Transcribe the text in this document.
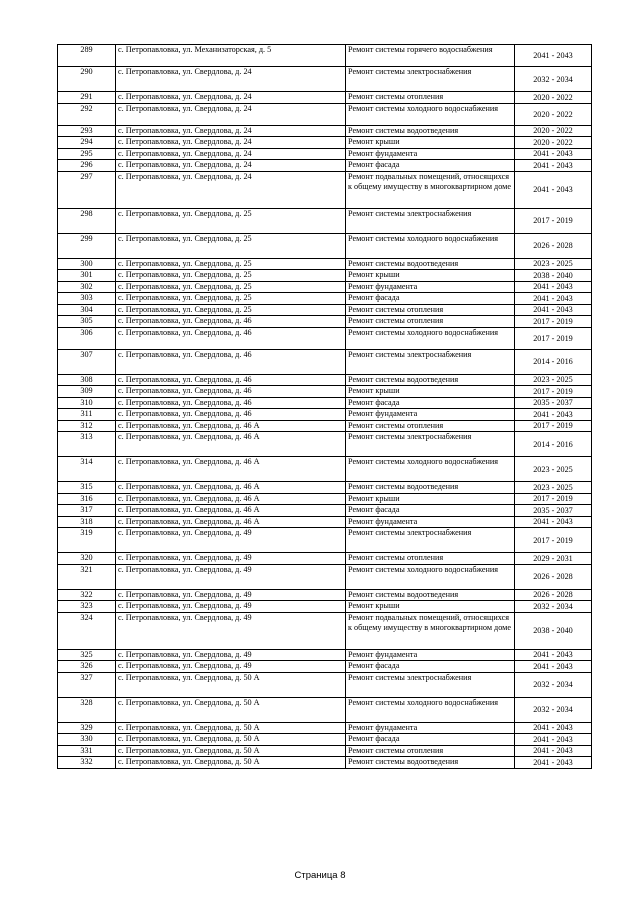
289	с. Петропавловка, ул. Механизаторская, д. 5	Ремонт системы горячего водоснабжения	2041 - 2043
290	с. Петропавловка, ул. Свердлова, д. 24	Ремонт системы электроснабжения	2032 - 2034
291	с. Петропавловка, ул. Свердлова, д. 24	Ремонт системы отопления	2020 - 2022
292	с. Петропавловка, ул. Свердлова, д. 24	Ремонт системы холодного водоснабжения	2020 - 2022
293	с. Петропавловка, ул. Свердлова, д. 24	Ремонт системы водоотведения	2020 - 2022
294	с. Петропавловка, ул. Свердлова, д. 24	Ремонт крыши	2020 - 2022
295	с. Петропавловка, ул. Свердлова, д. 24	Ремонт фундамента	2041 - 2043
296	с. Петропавловка, ул. Свердлова, д. 24	Ремонт фасада	2041 - 2043
297	с. Петропавловка, ул. Свердлова, д. 24	Ремонт подвальных помещений, относящихся к общему имуществу в многоквартирном доме	2041 - 2043
298	с. Петропавловка, ул. Свердлова, д. 25	Ремонт системы электроснабжения	2017 - 2019
299	с. Петропавловка, ул. Свердлова, д. 25	Ремонт системы холодного водоснабжения	2026 - 2028
300	с. Петропавловка, ул. Свердлова, д. 25	Ремонт системы водоотведения	2023 - 2025
301	с. Петропавловка, ул. Свердлова, д. 25	Ремонт крыши	2038 - 2040
302	с. Петропавловка, ул. Свердлова, д. 25	Ремонт фундамента	2041 - 2043
303	с. Петропавловка, ул. Свердлова, д. 25	Ремонт фасада	2041 - 2043
304	с. Петропавловка, ул. Свердлова, д. 25	Ремонт системы отопления	2041 - 2043
305	с. Петропавловка, ул. Свердлова, д. 46	Ремонт системы отопления	2017 - 2019
306	с. Петропавловка, ул. Свердлова, д. 46	Ремонт системы холодного водоснабжения	2017 - 2019
307	с. Петропавловка, ул. Свердлова, д. 46	Ремонт системы электроснабжения	2014 - 2016
308	с. Петропавловка, ул. Свердлова, д. 46	Ремонт системы водоотведения	2023 - 2025
309	с. Петропавловка, ул. Свердлова, д. 46	Ремонт крыши	2017 - 2019
310	с. Петропавловка, ул. Свердлова, д. 46	Ремонт фасада	2035 - 2037
311	с. Петропавловка, ул. Свердлова, д. 46	Ремонт фундамента	2041 - 2043
312	с. Петропавловка, ул. Свердлова, д. 46 А	Ремонт системы отопления	2017 - 2019
313	с. Петропавловка, ул. Свердлова, д. 46 А	Ремонт системы электроснабжения	2014 - 2016
314	с. Петропавловка, ул. Свердлова, д. 46 А	Ремонт системы холодного водоснабжения	2023 - 2025
315	с. Петропавловка, ул. Свердлова, д. 46 А	Ремонт системы водоотведения	2023 - 2025
316	с. Петропавловка, ул. Свердлова, д. 46 А	Ремонт крыши	2017 - 2019
317	с. Петропавловка, ул. Свердлова, д. 46 А	Ремонт фасада	2035 - 2037
318	с. Петропавловка, ул. Свердлова, д. 46 А	Ремонт фундамента	2041 - 2043
319	с. Петропавловка, ул. Свердлова, д. 49	Ремонт системы электроснабжения	2017 - 2019
320	с. Петропавловка, ул. Свердлова, д. 49	Ремонт системы отопления	2029 - 2031
321	с. Петропавловка, ул. Свердлова, д. 49	Ремонт системы холодного водоснабжения	2026 - 2028
322	с. Петропавловка, ул. Свердлова, д. 49	Ремонт системы водоотведения	2026 - 2028
323	с. Петропавловка, ул. Свердлова, д. 49	Ремонт крыши	2032 - 2034
324	с. Петропавловка, ул. Свердлова, д. 49	Ремонт подвальных помещений, относящихся к общему имуществу в многоквартирном доме	2038 - 2040
325	с. Петропавловка, ул. Свердлова, д. 49	Ремонт фундамента	2041 - 2043
326	с. Петропавловка, ул. Свердлова, д. 49	Ремонт фасада	2041 - 2043
327	с. Петропавловка, ул. Свердлова, д. 50 А	Ремонт системы электроснабжения	2032 - 2034
328	с. Петропавловка, ул. Свердлова, д. 50 А	Ремонт системы холодного водоснабжения	2032 - 2034
329	с. Петропавловка, ул. Свердлова, д. 50 А	Ремонт фундамента	2041 - 2043
330	с. Петропавловка, ул. Свердлова, д. 50 А	Ремонт фасада	2041 - 2043
331	с. Петропавловка, ул. Свердлова, д. 50 А	Ремонт системы отопления	2041 - 2043
332	с. Петропавловка, ул. Свердлова, д. 50 А	Ремонт системы водоотведения	2041 - 2043
Страница 8
